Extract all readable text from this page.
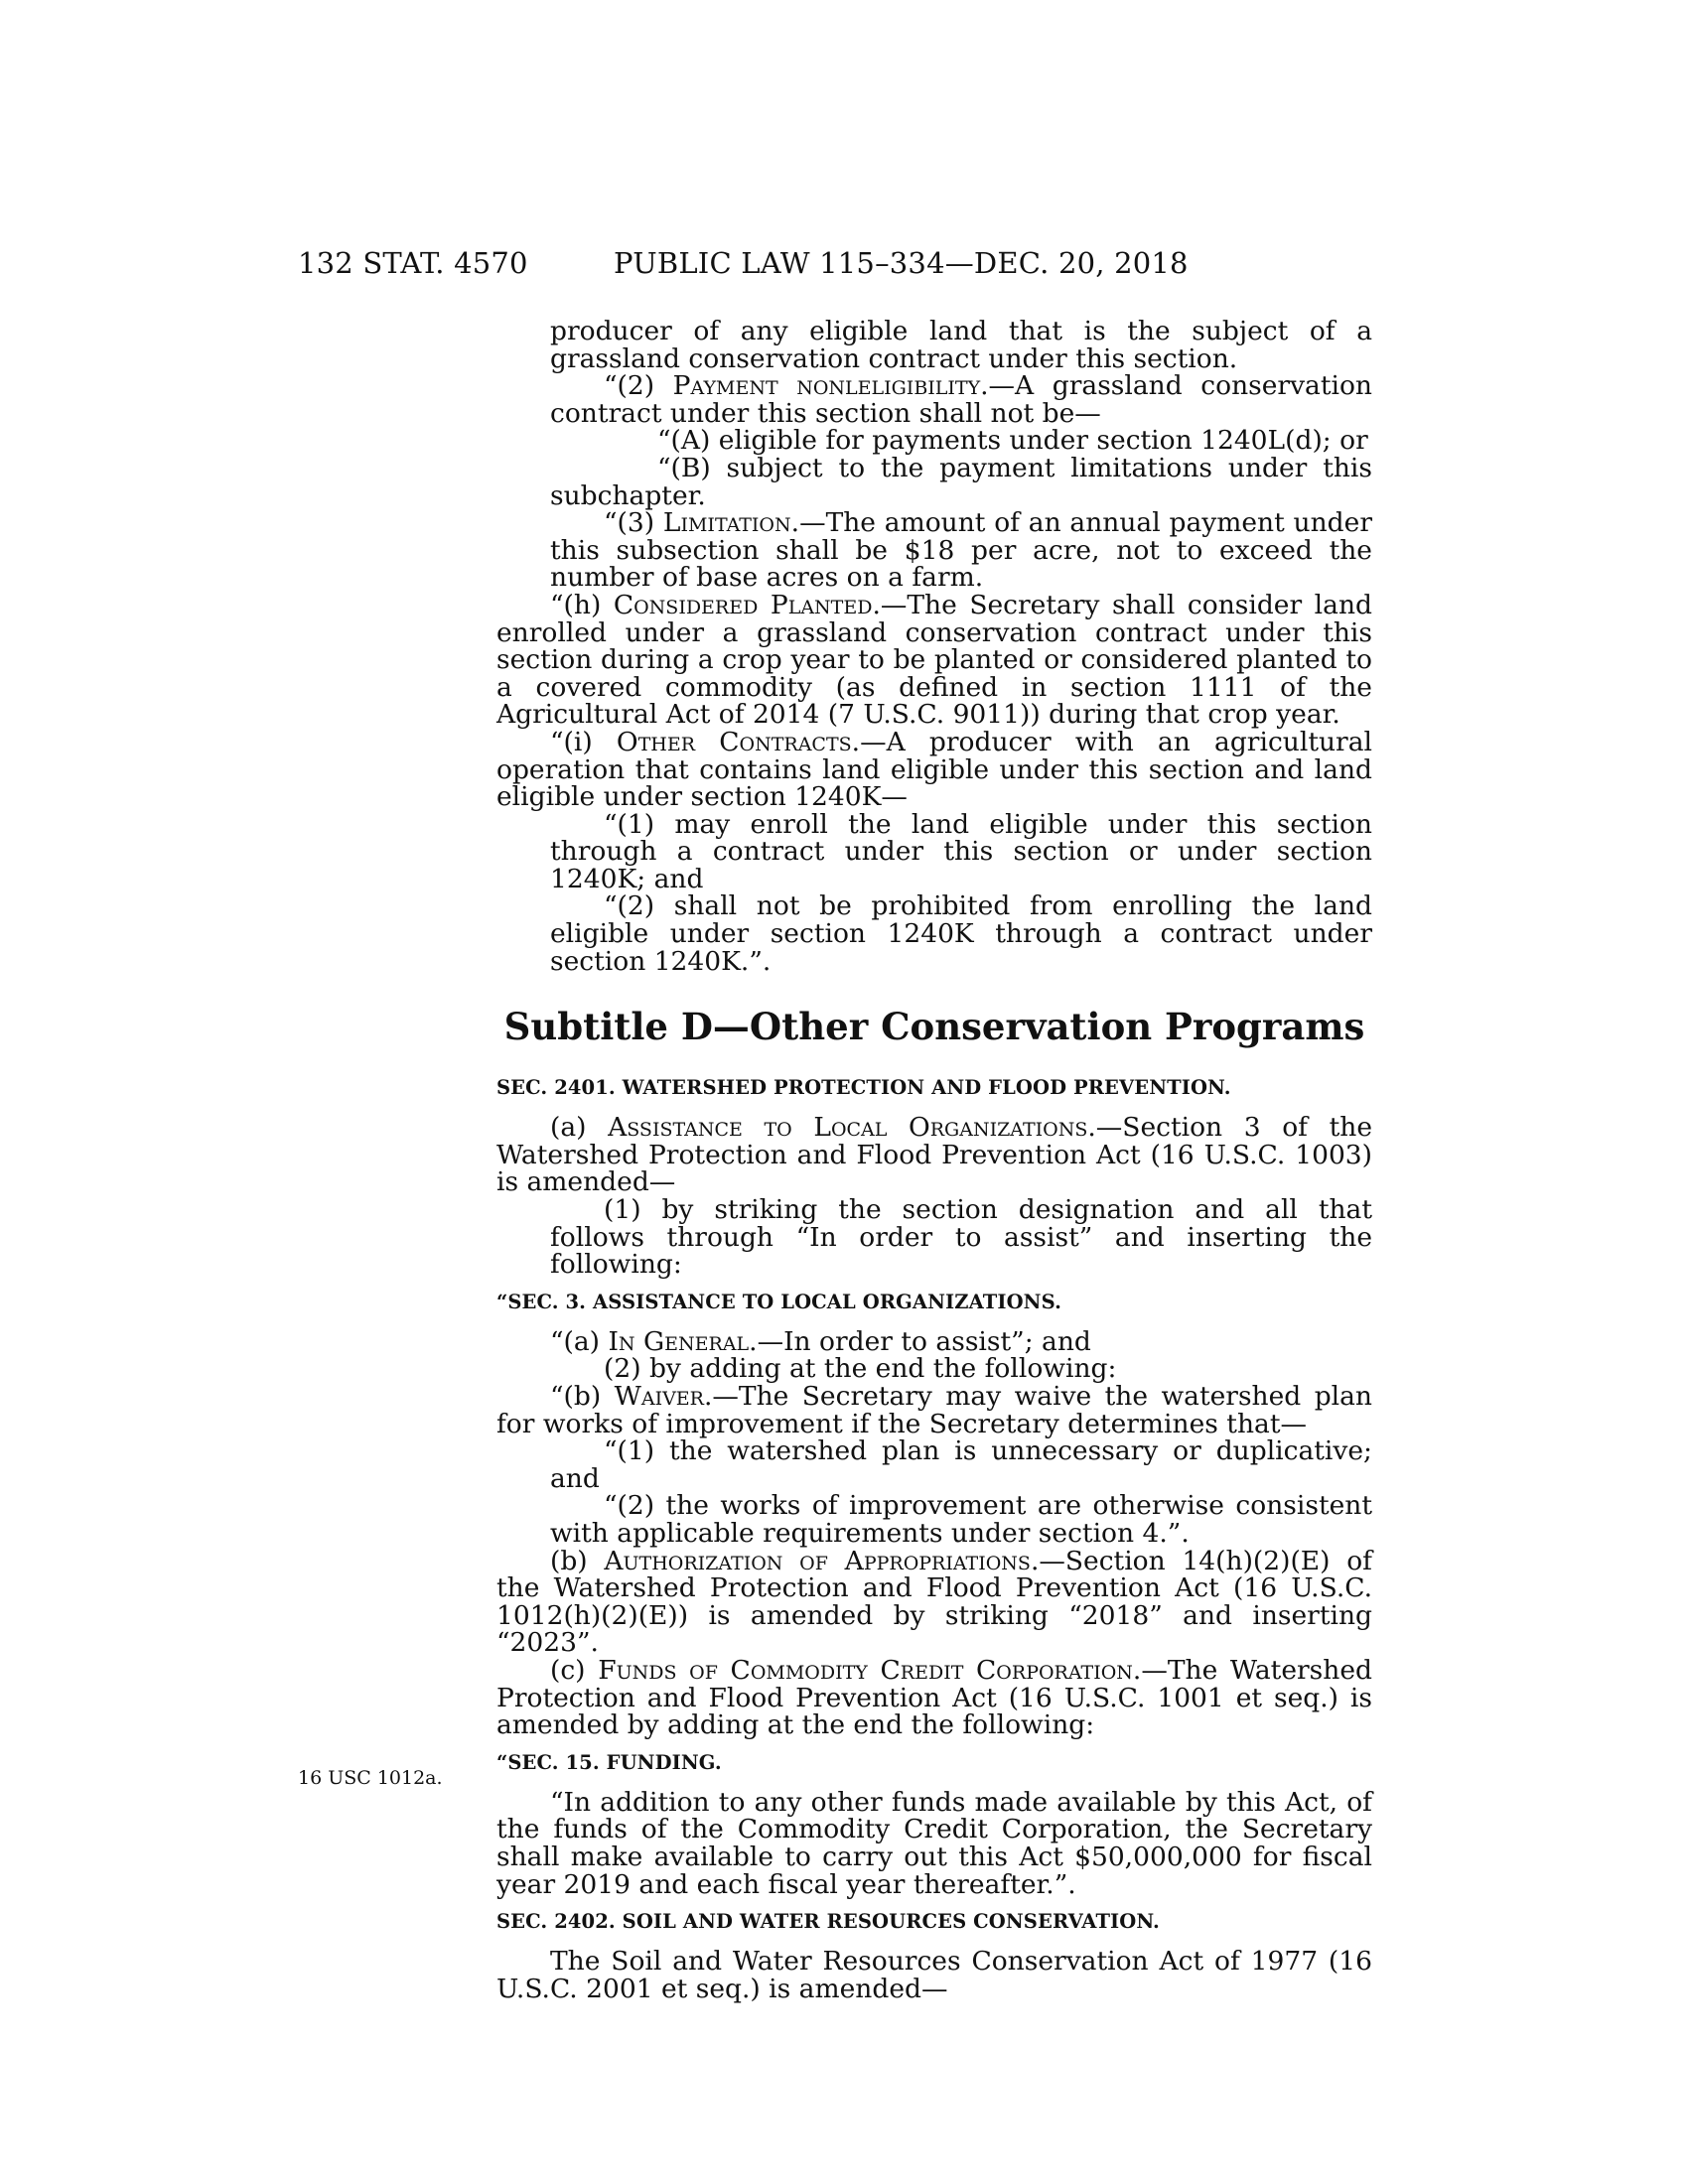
132 STAT. 4570	PUBLIC LAW 115–334—DEC. 20, 2018

producer of any eligible land that is the subject of a grassland conservation contract under this section.

“(2) Payment nonleligibility.—A grassland conservation contract under this section shall not be—

“(A) eligible for payments under section 1240L(d); or

“(B) subject to the payment limitations under this subchapter.

“(3) Limitation.—The amount of an annual payment under this subsection shall be $18 per acre, not to exceed the number of base acres on a farm.

“(h) Considered Planted.—The Secretary shall consider land enrolled under a grassland conservation contract under this section during a crop year to be planted or considered planted to a covered commodity (as defined in section 1111 of the Agricultural Act of 2014 (7 U.S.C. 9011)) during that crop year.

“(i) Other Contracts.—A producer with an agricultural operation that contains land eligible under this section and land eligible under section 1240K—

“(1) may enroll the land eligible under this section through a contract under this section or under section 1240K; and

“(2) shall not be prohibited from enrolling the land eligible under section 1240K through a contract under section 1240K.”.

Subtitle D—Other Conservation Programs

SEC. 2401. WATERSHED PROTECTION AND FLOOD PREVENTION.

(a) Assistance to Local Organizations.—Section 3 of the Watershed Protection and Flood Prevention Act (16 U.S.C. 1003) is amended—

(1) by striking the section designation and all that follows through “In order to assist” and inserting the following:

“SEC. 3. ASSISTANCE TO LOCAL ORGANIZATIONS.

“(a) In General.—In order to assist”; and

(2) by adding at the end the following:

“(b) Waiver.—The Secretary may waive the watershed plan for works of improvement if the Secretary determines that—

“(1) the watershed plan is unnecessary or duplicative; and

“(2) the works of improvement are otherwise consistent with applicable requirements under section 4.”.

(b) Authorization of Appropriations.—Section 14(h)(2)(E) of the Watershed Protection and Flood Prevention Act (16 U.S.C. 1012(h)(2)(E)) is amended by striking “2018” and inserting “2023”.

(c) Funds of Commodity Credit Corporation.—The Watershed Protection and Flood Prevention Act (16 U.S.C. 1001 et seq.) is amended by adding at the end the following:

16 USC 1012a.

“SEC. 15. FUNDING.

“In addition to any other funds made available by this Act, of the funds of the Commodity Credit Corporation, the Secretary shall make available to carry out this Act $50,000,000 for fiscal year 2019 and each fiscal year thereafter.”.

SEC. 2402. SOIL AND WATER RESOURCES CONSERVATION.

The Soil and Water Resources Conservation Act of 1977 (16 U.S.C. 2001 et seq.) is amended—
